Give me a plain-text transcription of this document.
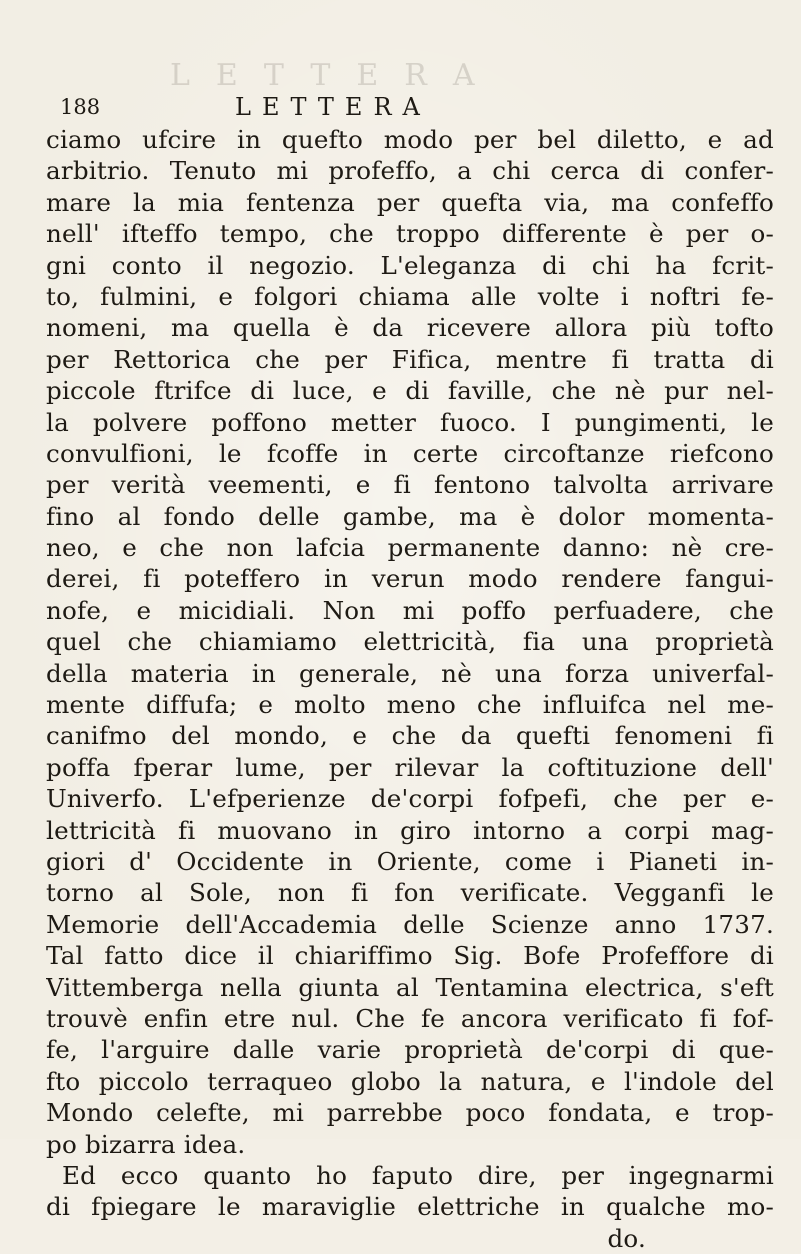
LETTERA
188	LETTERA
ciamo ufcire in quefto modo per bel diletto, e ad
arbitrio. Tenuto mi profeffo, a chi cerca di confer-
mare la mia fentenza per quefta via, ma confeffo
nell' ifteffo tempo, che troppo differente è per o-
gni conto il negozio. L'eleganza di chi ha fcrit-
to, fulmini, e folgori chiama alle volte i noftri fe-
nomeni, ma quella è da ricevere allora più tofto
per Rettorica che per Fifica, mentre fi tratta di
piccole ftrifce di luce, e di faville, che nè pur nel-
la polvere poffono metter fuoco. I pungimenti, le
convulfioni, le fcoffe in certe circoftanze riefcono
per verità veementi, e fi fentono talvolta arrivare
fino al fondo delle gambe, ma è dolor momenta-
neo, e che non lafcia permanente danno: nè cre-
derei, fi poteffero in verun modo rendere fangui-
nofe, e micidiali. Non mi poffo perfuadere, che
quel che chiamiamo elettricità, fia una proprietà
della materia in generale, nè una forza univerfal-
mente diffufa; e molto meno che influifca nel me-
canifmo del mondo, e che da quefti fenomeni fi
poffa fperar lume, per rilevar la coftituzione dell'
Univerfo. L'efperienze de'corpi fofpefi, che per e-
lettricità fi muovano in giro intorno a corpi mag-
giori d' Occidente in Oriente, come i Pianeti in-
torno al Sole, non fi fon verificate. Vegganfi le
Memorie dell'Accademia delle Scienze anno 1737.
Tal fatto dice il chiariffimo Sig. Bofe Profeffore di
Vittemberga nella giunta al Tentamina electrica, s'eft
trouvè enfin etre nul. Che fe ancora verificato fi fof-
fe, l'arguire dalle varie proprietà de'corpi di que-
fto piccolo terraqueo globo la natura, e l'indole del
Mondo celefte, mi parrebbe poco fondata, e trop-
po bizarra idea.
Ed ecco quanto ho faputo dire, per ingegnarmi
di fpiegare le maraviglie elettriche in qualche mo-
do.
